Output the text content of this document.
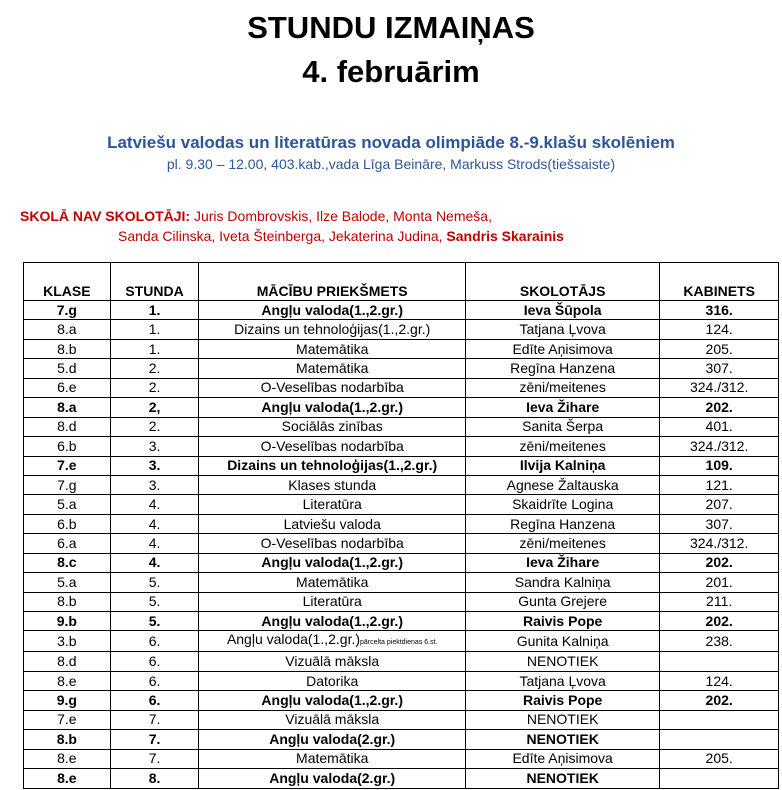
STUNDU IZMAIŅAS
4. februārim
Latviešu valodas un literatūras novada olimpiāde 8.-9.klašu skolēniem
pl. 9.30 – 12.00, 403.kab.,vada Līga Beināre, Markuss Strods(tiešsaiste)
SKOLĀ NAV SKOLOTĀJI: Juris Dombrovskis, Ilze Balode, Monta Nemeša,
Sanda Cilinska, Iveta Šteinberga, Jekaterina Judina, Sandris Skarainis
KLASE	STUNDA	MĀCĪBU PRIEKŠMETS	SKOLOTĀJS	KABINETS
7.g	1.	Angļu valoda(1.,2.gr.)	Ieva Šūpola	316.
8.a	1.	Dizains un tehnoloģijas(1.,2.gr.)	Tatjana Ļvova	124.
8.b	1.	Matemātika	Edīte Aņisimova	205.
5.d	2.	Matemātika	Regīna Hanzena	307.
6.e	2.	O-Veselības nodarbība	zēni/meitenes	324./312.
8.a	2,	Angļu valoda(1.,2.gr.)	Ieva Žihare	202.
8.d	2.	Sociālās zinības	Sanita Šerpa	401.
6.b	3.	O-Veselības nodarbība	zēni/meitenes	324./312.
7.e	3.	Dizains un tehnoloģijas(1.,2.gr.)	Ilvija Kalniņa	109.
7.g	3.	Klases stunda	Agnese Žaltauska	121.
5.a	4.	Literatūra	Skaidrīte Logina	207.
6.b	4.	Latviešu valoda	Regīna Hanzena	307.
6.a	4.	O-Veselības nodarbība	zēni/meitenes	324./312.
8.c	4.	Angļu valoda(1.,2.gr.)	Ieva Žihare	202.
5.a	5.	Matemātika	Sandra Kalniņa	201.
8.b	5.	Literatūra	Gunta Grejere	211.
9.b	5.	Angļu valoda(1.,2.gr.)	Raivis Pope	202.
3.b	6.	Angļu valoda(1.,2.gr.)pārcelta piektdienas 6.st.	Gunita Kalniņa	238.
8.d	6.	Vizuālā māksla	NENOTIEK	
8.e	6.	Datorika	Tatjana Ļvova	124.
9.g	6.	Angļu valoda(1.,2.gr.)	Raivis Pope	202.
7.e	7.	Vizuālā māksla	NENOTIEK	
8.b	7.	Angļu valoda(2.gr.)	NENOTIEK	
8.e	7.	Matemātika	Edīte Aņisimova	205.
8.e	8.	Angļu valoda(2.gr.)	NENOTIEK	
